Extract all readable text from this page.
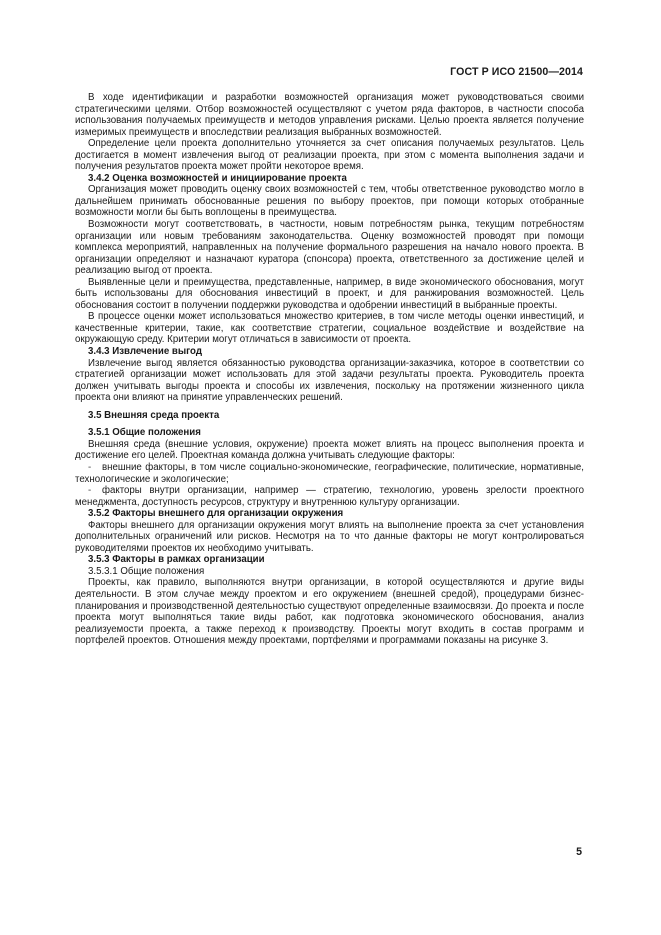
ГОСТ Р ИСО 21500—2014

В ходе идентификации и разработки возможностей организация может руководствоваться своими стратегическими целями. Отбор возможностей осуществляют с учетом ряда факторов, в частности способа использования получаемых преимуществ и методов управления рисками. Целью проекта является получение измеримых преимуществ и впоследствии реализация выбранных возможностей.

Определение цели проекта дополнительно уточняется за счет описания получаемых результатов. Цель достигается в момент извлечения выгод от реализации проекта, при этом с момента выполнения задачи и получения результатов проекта может пройти некоторое время.

3.4.2 Оценка возможностей и инициирование проекта

Организация может проводить оценку своих возможностей с тем, чтобы ответственное руководство могло в дальнейшем принимать обоснованные решения по выбору проектов, при помощи которых отобранные возможности могли бы быть воплощены в преимущества.

Возможности могут соответствовать, в частности, новым потребностям рынка, текущим потребностям организации или новым требованиям законодательства. Оценку возможностей проводят при помощи комплекса мероприятий, направленных на получение формального разрешения на начало нового проекта. В организации определяют и назначают куратора (спонсора) проекта, ответственного за достижение целей и реализацию выгод от проекта.

Выявленные цели и преимущества, представленные, например, в виде экономического обоснования, могут быть использованы для обоснования инвестиций в проект, и для ранжирования возможностей. Цель обоснования состоит в получении поддержки руководства и одобрении инвестиций в выбранные проекты.

В процессе оценки может использоваться множество критериев, в том числе методы оценки инвестиций, и качественные критерии, такие, как соответствие стратегии, социальное воздействие и воздействие на окружающую среду. Критерии могут отличаться в зависимости от проекта.

3.4.3 Извлечение выгод

Извлечение выгод является обязанностью руководства организации-заказчика, которое в соответствии со стратегией организации может использовать для этой задачи результаты проекта. Руководитель проекта должен учитывать выгоды проекта и способы их извлечения, поскольку на протяжении жизненного цикла проекта они влияют на принятие управленческих решений.

3.5 Внешняя среда проекта
3.5.1 Общие положения

Внешняя среда (внешние условия, окружение) проекта может влиять на процесс выполнения проекта и достижение его целей. Проектная команда должна учитывать следующие факторы:

- внешние факторы, в том числе социально-экономические, географические, политические, нормативные, технологические и экологические;

- факторы внутри организации, например — стратегию, технологию, уровень зрелости проектного менеджмента, доступность ресурсов, структуру и внутреннюю культуру организации.

3.5.2 Факторы внешнего для организации окружения

Факторы внешнего для организации окружения могут влиять на выполнение проекта за счет установления дополнительных ограничений или рисков. Несмотря на то что данные факторы не могут контролироваться руководителями проектов их необходимо учитывать.

3.5.3 Факторы в рамках организации

3.5.3.1 Общие положения

Проекты, как правило, выполняются внутри организации, в которой осуществляются и другие виды деятельности. В этом случае между проектом и его окружением (внешней средой), процедурами бизнес-планирования и производственной деятельностью существуют определенные взаимосвязи. До проекта и после проекта могут выполняться такие виды работ, как подготовка экономического обоснования, анализ реализуемости проекта, а также переход к производству. Проекты могут входить в состав программ и портфелей проектов. Отношения между проектами, портфелями и программами показаны на рисунке 3.

5
